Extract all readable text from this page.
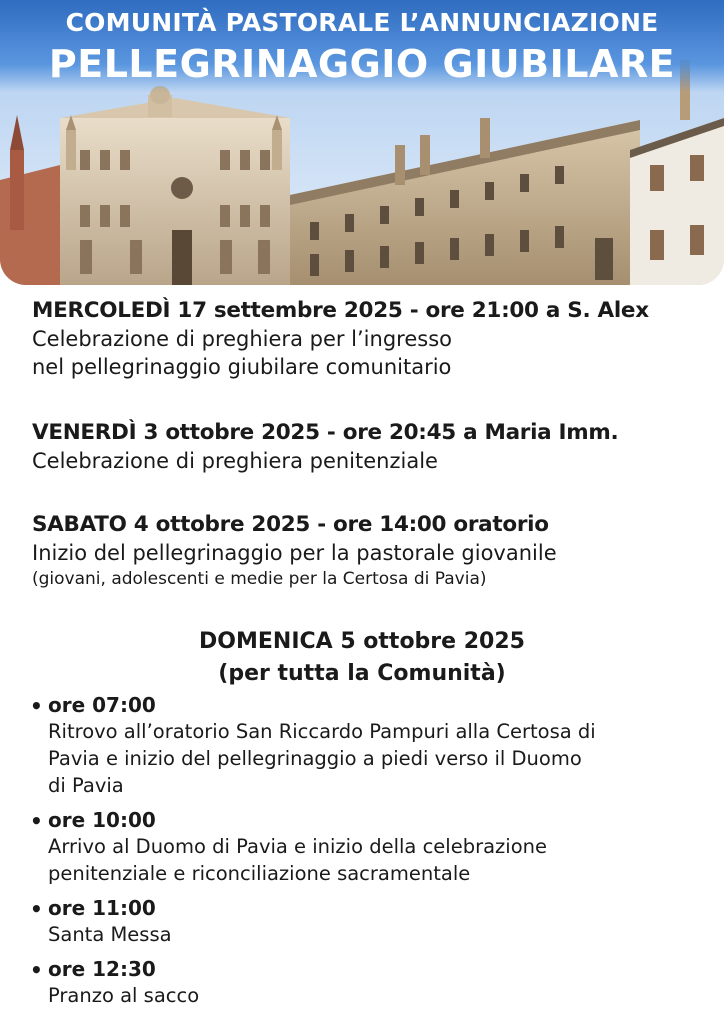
COMUNITÀ PASTORALE L’ANNUNCIAZIONE
PELLEGRINAGGIO GIUBILARE
MERCOLEDÌ 17 settembre 2025 - ore 21:00 a S. Alex
Celebrazione di preghiera per l’ingresso
nel pellegrinaggio giubilare comunitario
VENERDÌ 3 ottobre 2025 - ore 20:45 a Maria Imm.
Celebrazione di preghiera penitenziale
SABATO 4 ottobre 2025 - ore 14:00 oratorio
Inizio del pellegrinaggio per la pastorale giovanile
(giovani, adolescenti e medie per la Certosa di Pavia)
DOMENICA 5 ottobre 2025
(per tutta la Comunità)
• ore 07:00
Ritrovo all’oratorio San Riccardo Pampuri alla Certosa di
Pavia e inizio del pellegrinaggio a piedi verso il Duomo
di Pavia
• ore 10:00
Arrivo al Duomo di Pavia e inizio della celebrazione
penitenziale e riconciliazione sacramentale
• ore 11:00
Santa Messa
• ore 12:30
Pranzo al sacco
